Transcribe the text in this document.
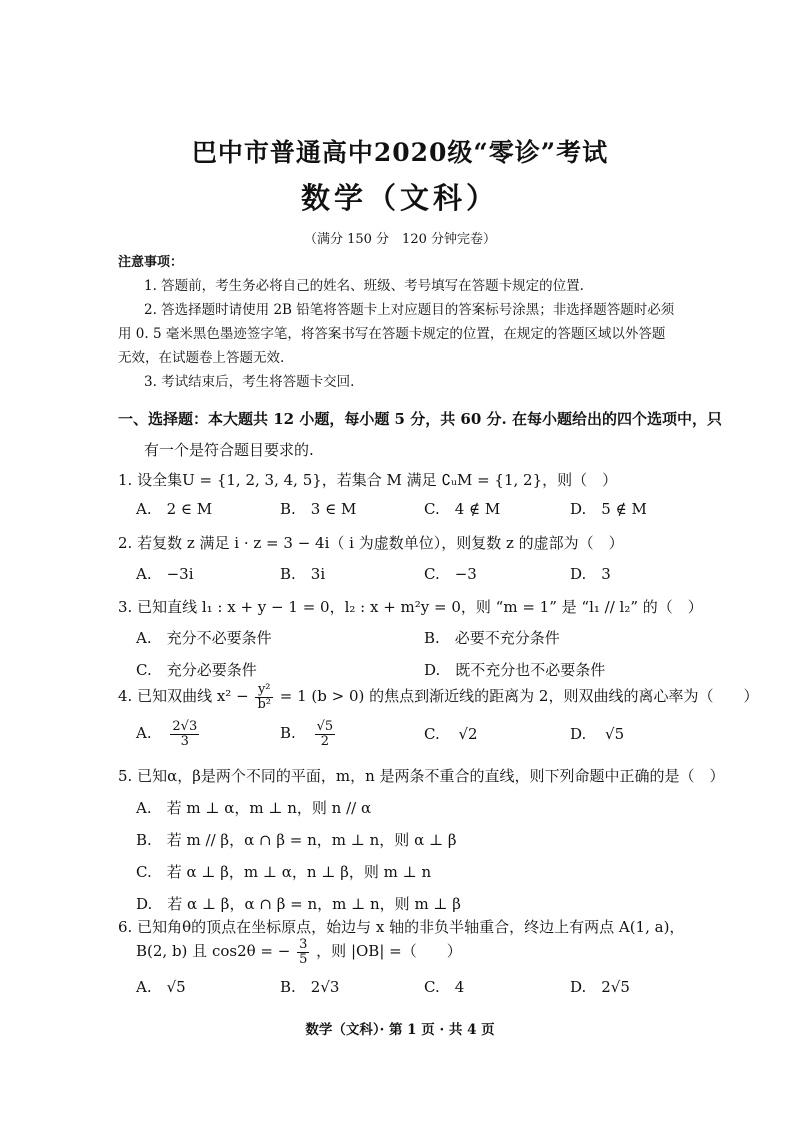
巴中市普通高中2020级“零诊”考试
数学（文科）
（满分 150 分　120 分钟完卷）
注意事项：
1. 答题前，考生务必将自己的姓名、班级、考号填写在答题卡规定的位置.
2. 答选择题时请使用 2B 铅笔将答题卡上对应题目的答案标号涂黑；非选择题答题时必须
用 0. 5 毫米黑色墨迹签字笔，将答案书写在答题卡规定的位置，在规定的答题区域以外答题
无效，在试题卷上答题无效.
3. 考试结束后，考生将答题卡交回.
一、选择题：本大题共 12 小题，每小题 5 分，共 60 分. 在每小题给出的四个选项中，只
有一个是符合题目要求的.
1. 设全集U = {1, 2, 3, 4, 5}，若集合 M 满足 ∁ᵤM = {1, 2}，则（　）
A.　2 ∈ M	B.　3 ∈ M	C.　4 ∉ M	D.　5 ∉ M
2. 若复数 z 满足 i · z = 3 − 4i（ i 为虚数单位），则复数 z 的虚部为（　）
A.　−3i	B.　3i	C.　−3	D.　3
3. 已知直线 l₁ : x + y − 1 = 0，l₂ : x + m²y = 0，则 “m = 1” 是 “l₁ // l₂” 的（　）
A.　充分不必要条件	B.　必要不充分条件
C.　充分必要条件	D.　既不充分也不必要条件
4. 已知双曲线 $x^2 - \frac{\text{y²}}{\text{b²}} = 1$ (b > 0) 的焦点到渐近线的距离为 2，则双曲线的离心率为（　　）
A. $\frac{2√3}{3}$	B. $\frac{√5}{2}$	C. √2	D. √5
5. 已知α，β是两个不同的平面，m，n 是两条不重合的直线，则下列命题中正确的是（　）
A.　若 m ⊥ α，m ⊥ n，则 n // α
B.　若 m // β，α ∩ β = n，m ⊥ n，则 α ⊥ β
C.　若 α ⊥ β，m ⊥ α，n ⊥ β，则 m ⊥ n
D.　若 α ⊥ β，α ∩ β = n，m ⊥ n，则 m ⊥ β
6. 已知角θ的顶点在坐标原点，始边与 x 轴的非负半轴重合，终边上有两点 A(1, a)，
B(2, b) 且 cos2θ = − $\frac{3}{5}$ ，则 |OB| =（　　）
A.　√5	B.　2√3	C.　4	D.　2√5
数学（文科）· 第 1 页 · 共 4 页
